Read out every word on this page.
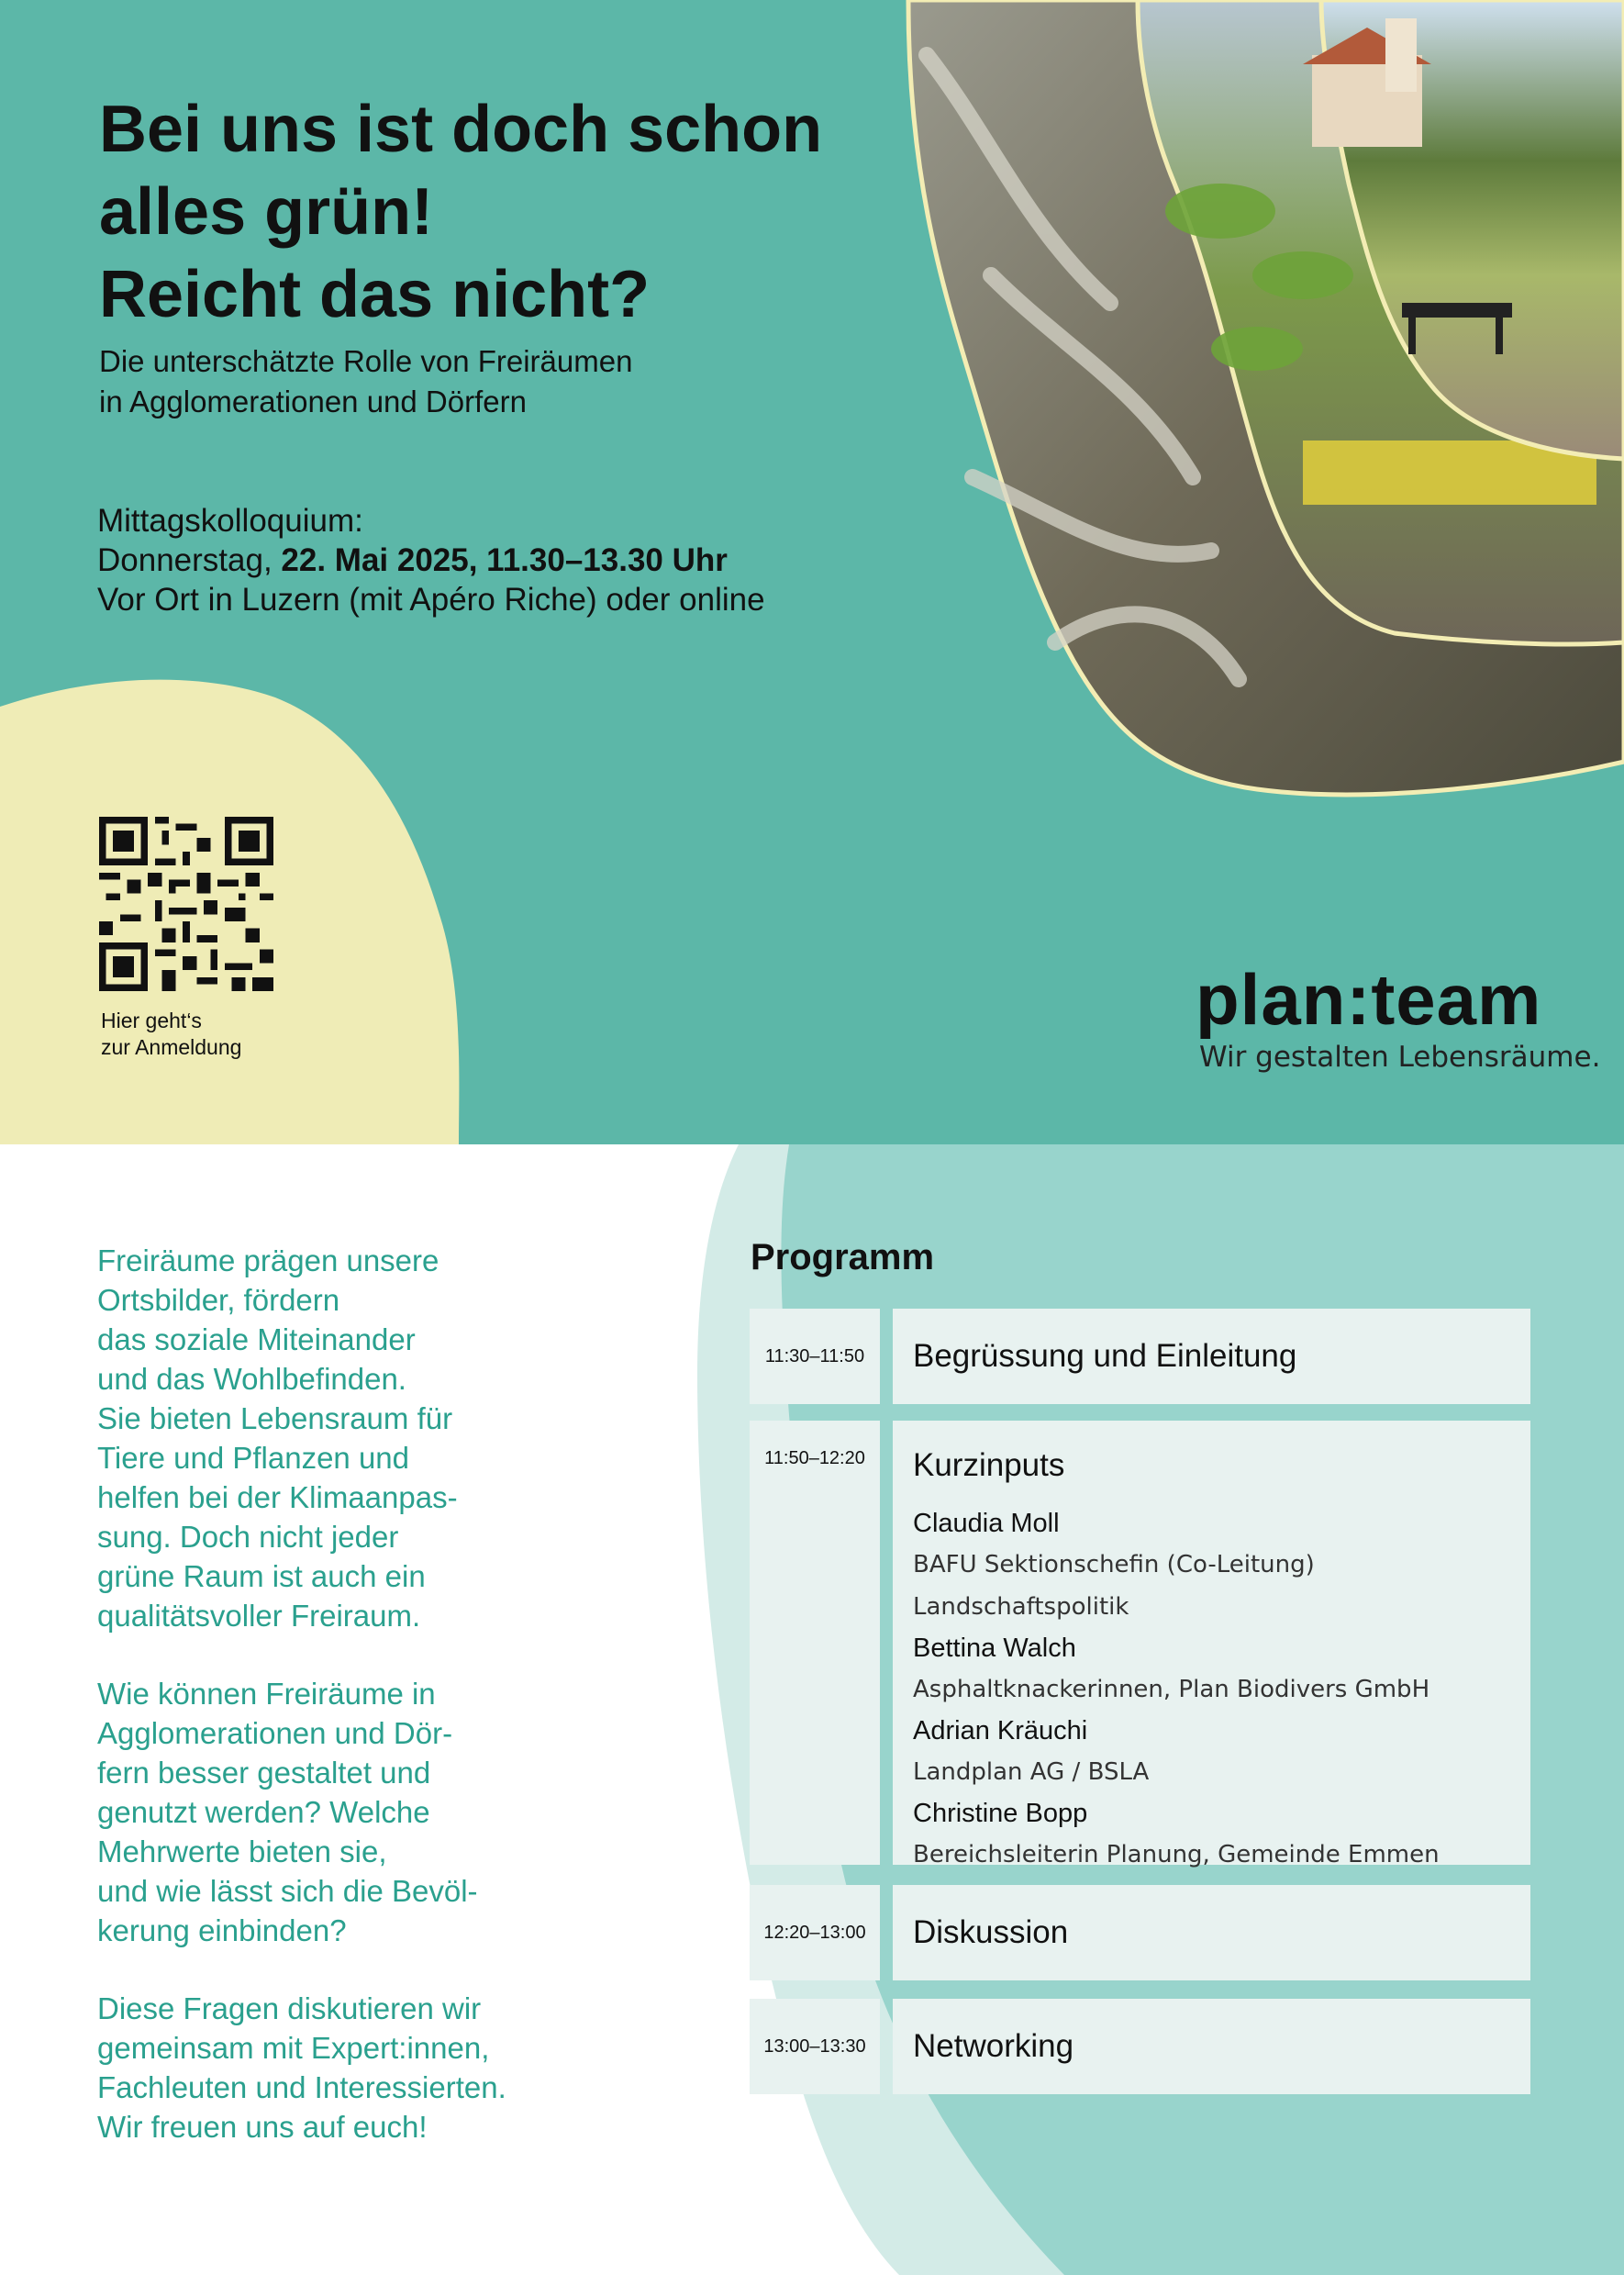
Bei uns ist doch schon
alles grün!
Reicht das nicht?
Die unterschätzte Rolle von Freiräumen
in Agglomerationen und Dörfern
Mittagskolloquium:
Donnerstag, 22. Mai 2025, 11.30–13.30 Uhr
Vor Ort in Luzern (mit Apéro Riche) oder online
Hier geht‘s
zur Anmeldung
plan:team
Wir gestalten Lebensräume.

Freiräume prägen unsere
Ortsbilder, fördern
das soziale Miteinander
und das Wohlbefinden.
Sie bieten Lebensraum für
Tiere und Pflanzen und
helfen bei der Klimaanpas-
sung. Doch nicht jeder
grüne Raum ist auch ein
qualitätsvoller Freiraum.

Wie können Freiräume in
Agglomerationen und Dör-
fern besser gestaltet und
genutzt werden? Welche
Mehrwerte bieten sie,
und wie lässt sich die Bevöl-
kerung einbinden?

Diese Fragen diskutieren wir
gemeinsam mit Expert:innen,
Fachleuten und Interessierten.
Wir freuen uns auf euch!

Programm
11:30–11:50	Begrüssung und Einleitung
11:50–12:20	Kurzinputs
Claudia Moll
BAFU Sektionschefin (Co-Leitung) Landschaftspolitik
Bettina Walch
Asphaltknackerinnen, Plan Biodivers GmbH
Adrian Kräuchi
Landplan AG / BSLA
Christine Bopp
Bereichsleiterin Planung, Gemeinde Emmen
12:20–13:00	Diskussion
13:00–13:30	Networking
